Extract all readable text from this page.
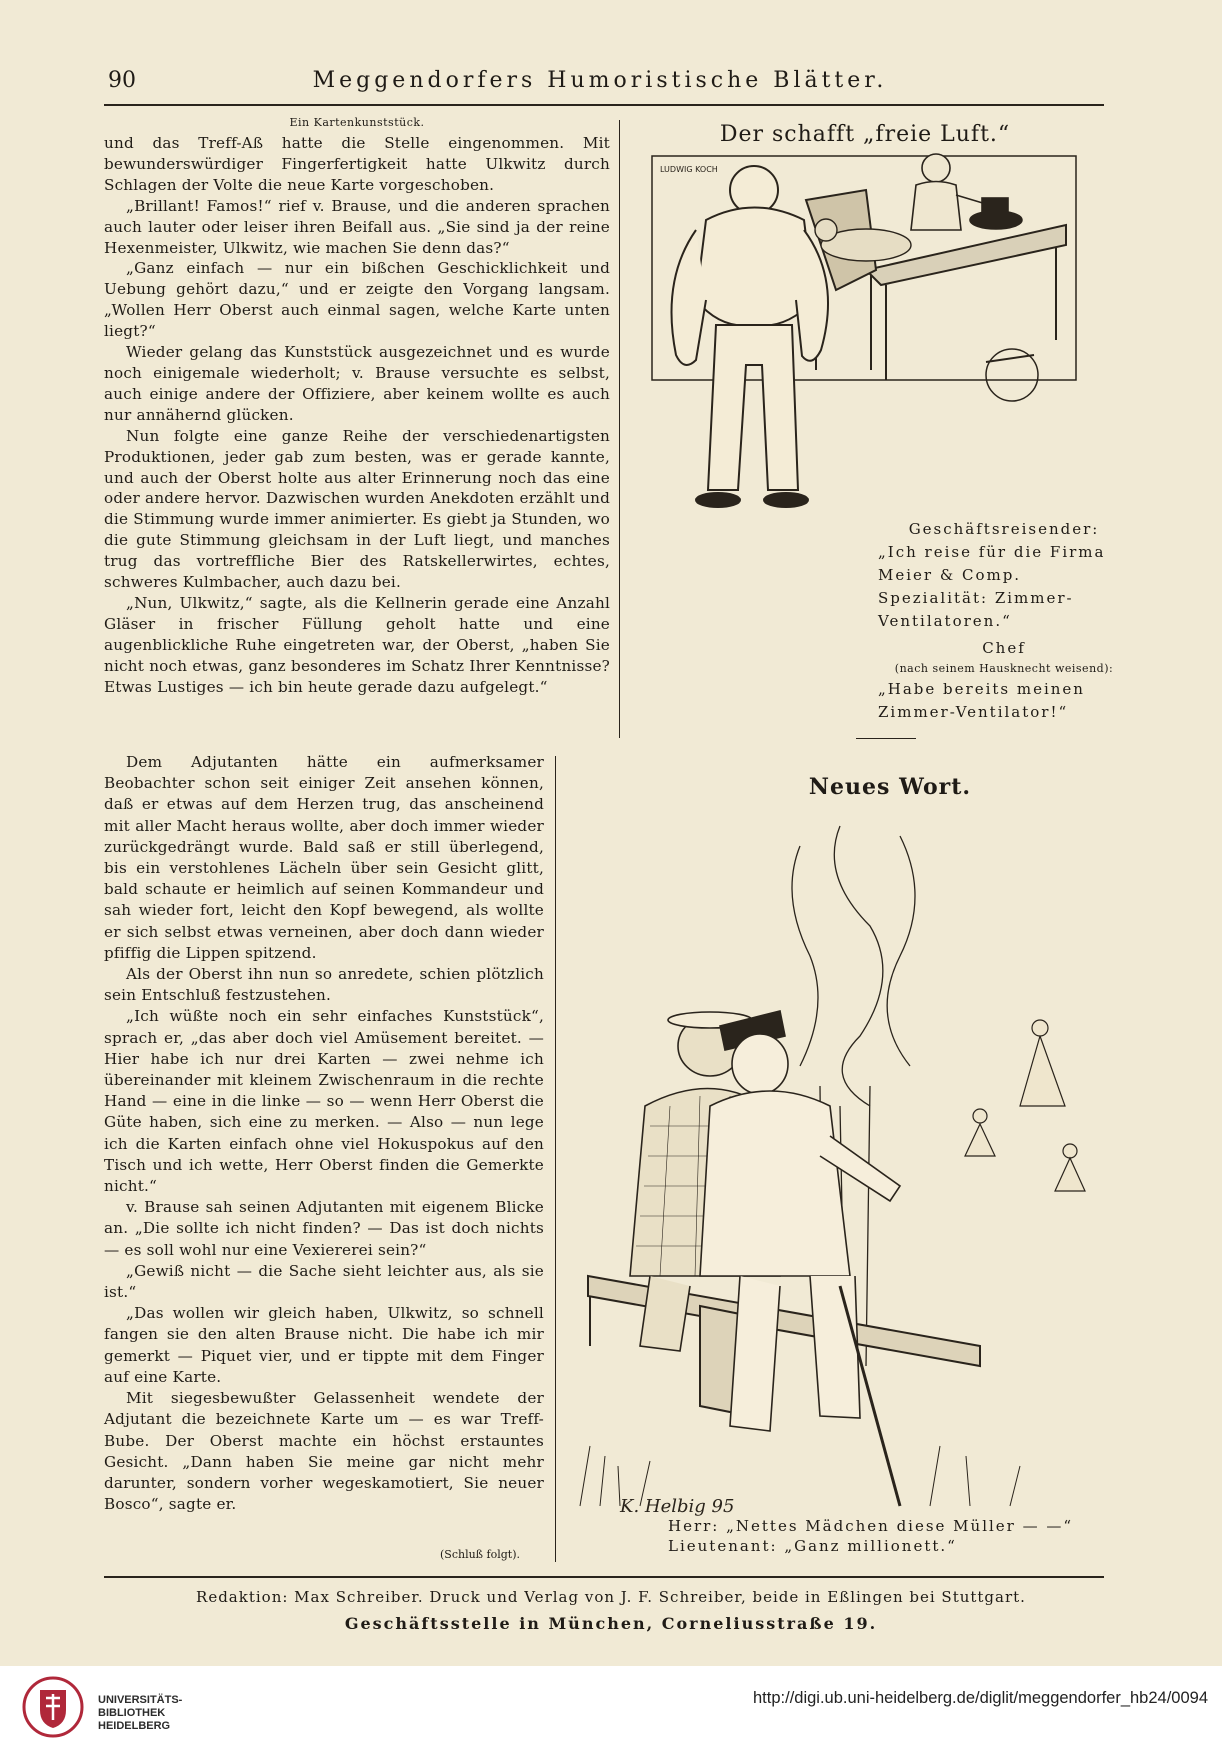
90	Meggendorfers Humoristische Blätter.
Ein Kartenkunststück.

und das Treff-Aß hatte die Stelle eingenommen. Mit bewunderswürdiger Fingerfertigkeit hatte Ulkwitz durch Schlagen der Volte die neue Karte vorgeschoben.

„Brillant! Famos!“ rief v. Brause, und die anderen sprachen auch lauter oder leiser ihren Beifall aus. „Sie sind ja der reine Hexenmeister, Ulkwitz, wie machen Sie denn das?“

„Ganz einfach — nur ein bißchen Geschicklichkeit und Uebung gehört dazu,“ und er zeigte den Vorgang langsam. „Wollen Herr Oberst auch einmal sagen, welche Karte unten liegt?“

Wieder gelang das Kunststück ausgezeichnet und es wurde noch einigemale wiederholt; v. Brause versuchte es selbst, auch einige andere der Offiziere, aber keinem wollte es auch nur annähernd glücken.

Nun folgte eine ganze Reihe der verschiedenartigsten Produktionen, jeder gab zum besten, was er gerade kannte, und auch der Oberst holte aus alter Erinnerung noch das eine oder andere hervor. Dazwischen wurden Anekdoten erzählt und die Stimmung wurde immer animierter. Es giebt ja Stunden, wo die gute Stimmung gleichsam in der Luft liegt, und manches trug das vortreffliche Bier des Ratskellerwirtes, echtes, schweres Kulmbacher, auch dazu bei.

„Nun, Ulkwitz,“ sagte, als die Kellnerin gerade eine Anzahl Gläser in frischer Füllung geholt hatte und eine augenblickliche Ruhe eingetreten war, der Oberst, „haben Sie nicht noch etwas, ganz besonderes im Schatz Ihrer Kenntnisse? Etwas Lustiges — ich bin heute gerade dazu aufgelegt.“

Dem Adjutanten hätte ein aufmerksamer Beobachter schon seit einiger Zeit ansehen können, daß er etwas auf dem Herzen trug, das anscheinend mit aller Macht heraus wollte, aber doch immer wieder zurückgedrängt wurde. Bald saß er still überlegend, bis ein verstohlenes Lächeln über sein Gesicht glitt, bald schaute er heimlich auf seinen Kommandeur und sah wieder fort, leicht den Kopf bewegend, als wollte er sich selbst etwas verneinen, aber doch dann wieder pfiffig die Lippen spitzend.

Als der Oberst ihn nun so anredete, schien plötzlich sein Entschluß festzustehen.

„Ich wüßte noch ein sehr einfaches Kunststück“, sprach er, „das aber doch viel Amüsement bereitet. — Hier habe ich nur drei Karten — zwei nehme ich übereinander mit kleinem Zwischenraum in die rechte Hand — eine in die linke — so — wenn Herr Oberst die Güte haben, sich eine zu merken. — Also — nun lege ich die Karten einfach ohne viel Hokuspokus auf den Tisch und ich wette, Herr Oberst finden die Gemerkte nicht.“

v. Brause sah seinen Adjutanten mit eigenem Blicke an. „Die sollte ich nicht finden? — Das ist doch nichts — es soll wohl nur eine Vexiererei sein?“

„Gewiß nicht — die Sache sieht leichter aus, als sie ist.“

„Das wollen wir gleich haben, Ulkwitz, so schnell fangen sie den alten Brause nicht. Die habe ich mir gemerkt — Piquet vier, und er tippte mit dem Finger auf eine Karte.

Mit siegesbewußter Gelassenheit wendete der Adjutant die bezeichnete Karte um — es war Treff-Bube. Der Oberst machte ein höchst erstauntes Gesicht. „Dann haben Sie meine gar nicht mehr darunter, sondern vorher wegeskamotiert, Sie neuer Bosco“, sagte er.

(Schluß folgt).
Der schafft „freie Luft.“
LUDWIG KOCH
Geschäftsreisender:
„Ich reise für die Firma Meier & Comp. Spezialität: Zimmer-Ventilatoren.“
Chef
(nach seinem Hausknecht weisend):
„Habe bereits meinen Zimmer-Ventilator!“
Neues Wort.
K. Helbig 95
Herr: „Nettes Mädchen diese Müller — —“
Lieutenant: „Ganz millionett.“
Redaktion: Max Schreiber. Druck und Verlag von J. F. Schreiber, beide in Eßlingen bei Stuttgart.
Geschäftsstelle in München, Corneliusstraße 19.
UNIVERSITÄTS-
BIBLIOTHEK
HEIDELBERG
http://digi.ub.uni-heidelberg.de/diglit/meggendorfer_hb24/0094
